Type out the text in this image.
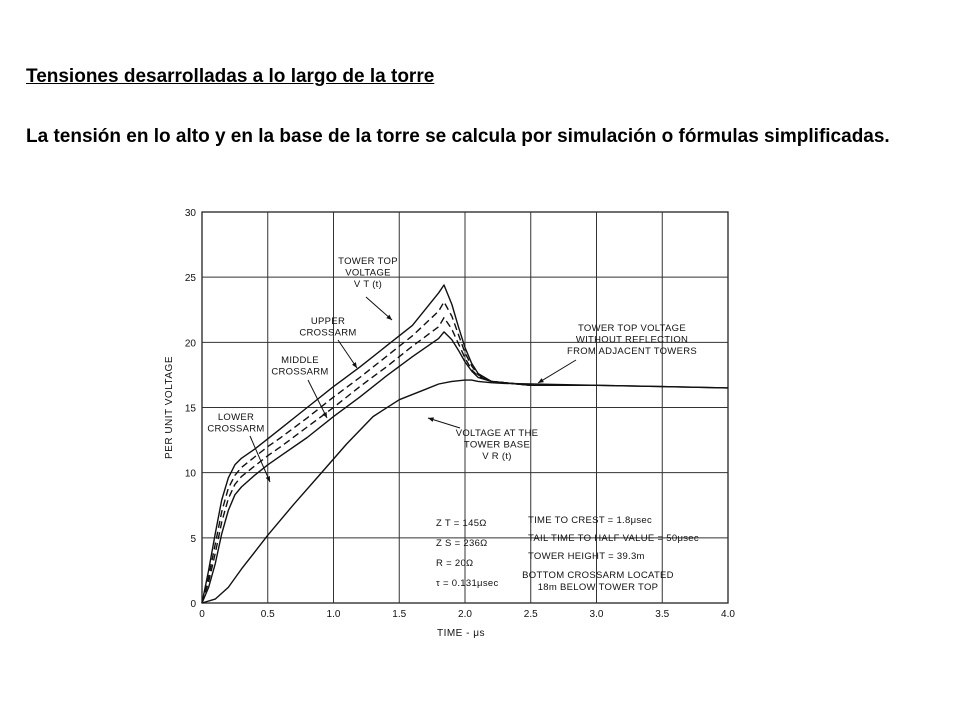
Tensiones desarrolladas a lo largo de la torre

La tensión en lo alto y en la base de la torre se calcula por simulación o fórmulas simplificadas.

0	0.5	1.0	1.5	2.0	2.5	3.0	3.5	4.0
0
5
10
15
20
25
30
TIME - μs
PER UNIT VOLTAGE
TOWER TOP
VOLTAGE
V T (t)
UPPER
CROSSARM
MIDDLE
CROSSARM
LOWER
CROSSARM	VOLTAGE AT THE
TOWER BASE
V R (t)
TOWER TOP VOLTAGE
WITHOUT REFLECTION
FROM ADJACENT TOWERS
Z T = 145Ω
Z S = 236Ω
R = 20Ω
τ = 0.131μsec
TIME TO CREST = 1.8μsec
TAIL TIME TO HALF VALUE = 50μsec
TOWER HEIGHT = 39.3m
BOTTOM CROSSARM LOCATED
18m BELOW TOWER TOP
